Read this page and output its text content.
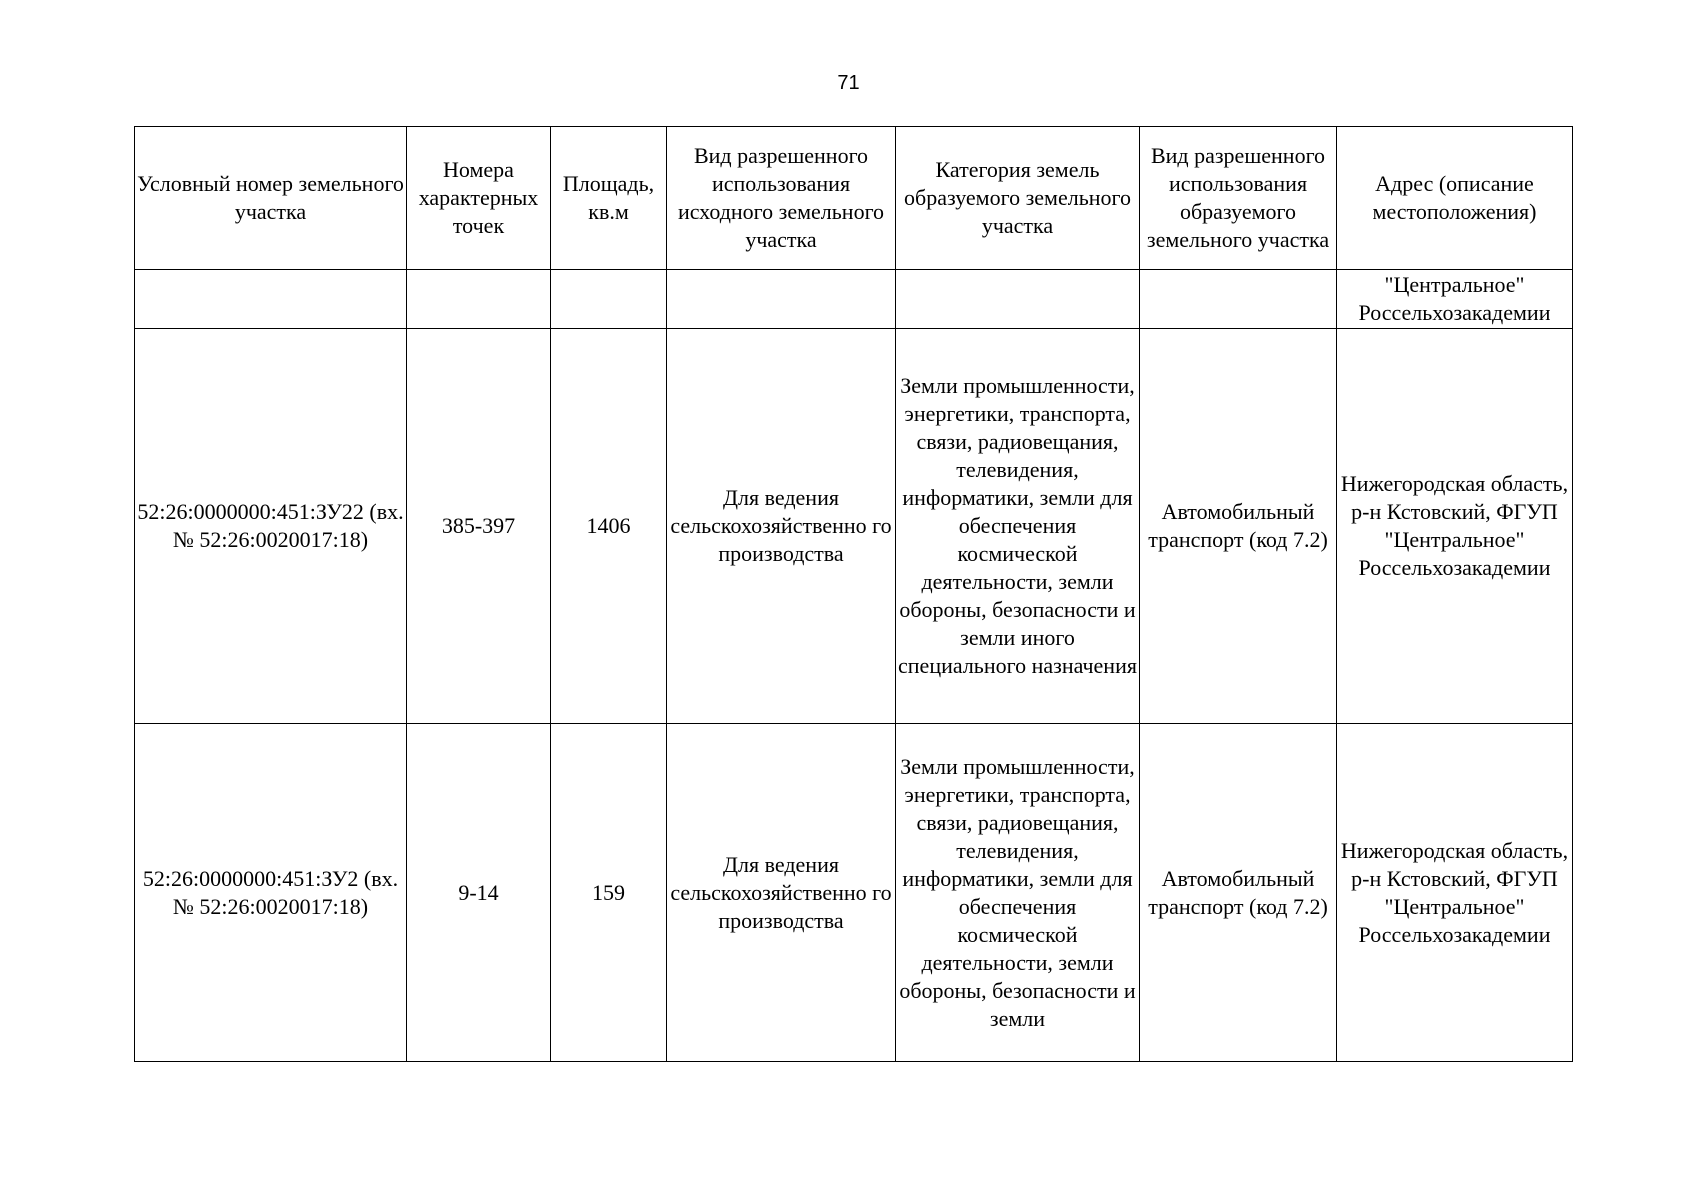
71
Условный номер земельного участка	Номера характерных точек	Площадь, кв.м	Вид разрешенного использования исходного земельного участка	Категория земель образуемого земельного участка	Вид разрешенного использования образуемого земельного участка	Адрес (описание местоположения)
						"Центральное" Россельхозакадемии
52:26:0000000:451:ЗУ22 (вх.№ 52:26:0020017:18)	385-397	1406	Для ведения сельскохозяйственно го производства	Земли промышленности, энергетики, транспорта, связи, радиовещания, телевидения, информатики, земли для обеспечения космической деятельности, земли обороны, безопасности и земли иного специального назначения	Автомобильный транспорт (код 7.2)	Нижегородская область, р-н Кстовский, ФГУП "Центральное" Россельхозакадемии
52:26:0000000:451:ЗУ2 (вх.№ 52:26:0020017:18)	9-14	159	Для ведения сельскохозяйственно го производства	Земли промышленности, энергетики, транспорта, связи, радиовещания, телевидения, информатики, земли для обеспечения космической деятельности, земли обороны, безопасности и земли	Автомобильный транспорт (код 7.2)	Нижегородская область, р-н Кстовский, ФГУП "Центральное" Россельхозакадемии
